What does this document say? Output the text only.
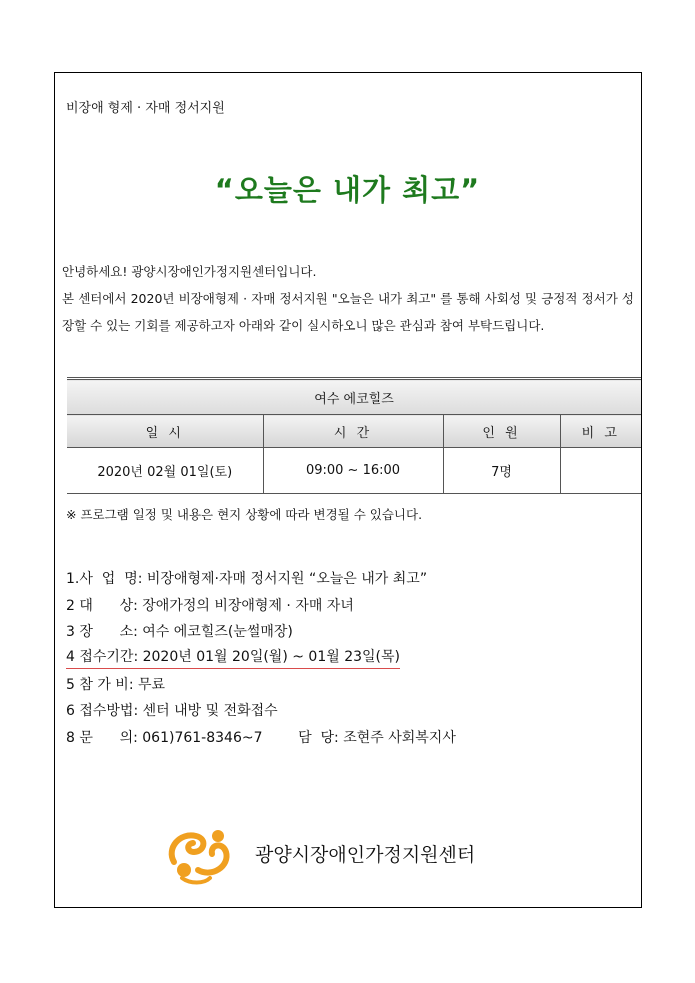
비장애 형제 · 자매 정서지원
“오늘은 내가 최고”

안녕하세요! 광양시장애인가정지원센터입니다.

본 센터에서 2020년 비장애형제 · 자매 정서지원 "오늘은 내가 최고" 를 통해 사회성 및 긍정적 정서가 성장할 수 있는 기회를 제공하고자 아래와 같이 실시하오니 많은 관심과 참여 부탁드립니다.

여수 에코힐즈			
일 시	시 간	인 원	비 고
2020년 02월 01일(토)	09:00 ~ 16:00	7명	
※ 프로그램 일정 및 내용은 현지 상황에 따라 변경될 수 있습니다.
1.사  업  명: 비장애형제·자매 정서지원 “오늘은 내가 최고”
2 대      상: 장애가정의 비장애형제 · 자매 자녀
3 장      소: 여수 에코힐즈(눈썰매장)
4 접수기간: 2020년 01월 20일(월) ~ 01월 23일(목)
5 참 가 비: 무료
6 접수방법: 센터 내방 및 전화접수
8 문      의: 061)761-8346~7        담  당: 조현주 사회복지사
광양시장애인가정지원센터
